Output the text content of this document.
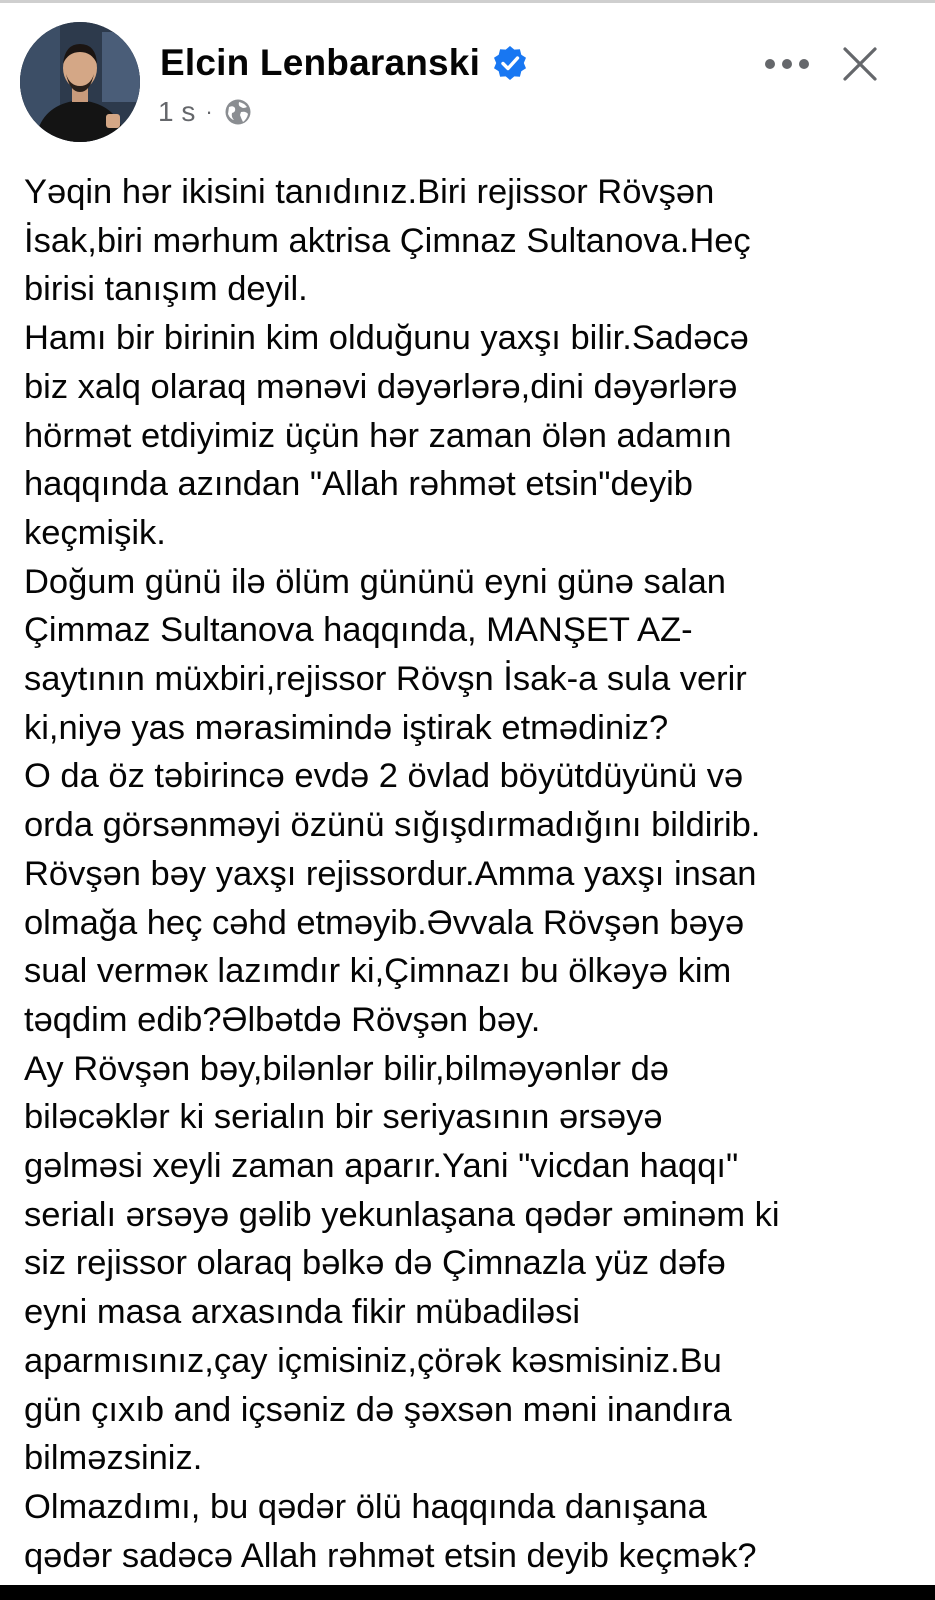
Elcin Lenbaranski
1 s ·

Yəqin hər ikisini tanıdınız.Biri rejissor Rövşən

İsak,biri mərhum aktrisa Çimnaz Sultanova.Heç

birisi tanışım deyil.

Hamı bir birinin kim olduğunu yaxşı bilir.Sadəcə

biz xalq olaraq mənəvi dəyərlərə,dini dəyərlərə

hörmət etdiyimiz üçün hər zaman ölən adamın

haqqında azından "Allah rəhmət etsin"deyib

keçmişik.

Doğum günü ilə ölüm gününü eyni günə salan

Çimmaz Sultanova haqqında, MANŞET AZ-

saytının müxbiri,rejissor Rövşn İsak-a sula verir

ki,niyə yas mərasimində iştirak etmədiniz?

O da öz təbirincə evdə 2 övlad böyütdüyünü və

orda görsənməyi özünü sığışdırmadığını bildirib.

Rövşən bəy yaxşı rejissordur.Amma yaxşı insan

olmağa heç cəhd etməyib.Əvvala Rövşən bəyə

sual verməк lazımdır ki,Çimnazı bu ölkəyə kim

təqdim edib?Əlbətdə Rövşən bəy.

Ay Rövşən bəy,bilənlər bilir,bilməyənlər də

biləcəklər ki serialın bir seriyasının ərsəyə

gəlməsi xeyli zaman aparır.Yani "vicdan haqqı"

serialı ərsəyə gəlib yekunlaşana qədər əminəm ki

siz rejissor olaraq bəlkə də Çimnazla yüz dəfə

eyni masa arxasında fikir mübadiləsi

aparmısınız,çay içmisiniz,çörək kəsmisiniz.Bu

gün çıxıb and içsəniz də şəxsən məni inandıra

bilməzsiniz.

Olmazdımı, bu qədər ölü haqqında danışana

qədər sadəcə Allah rəhmət etsin deyib keçmək?
